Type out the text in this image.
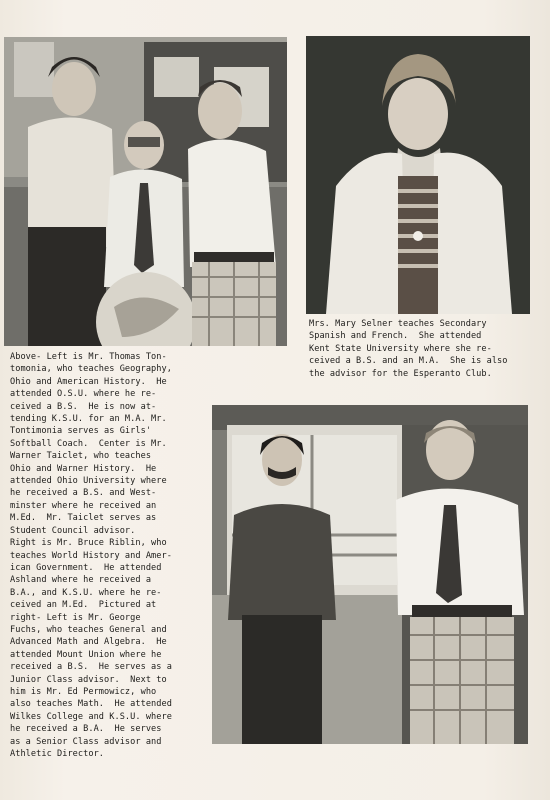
Above- Left is Mr. Thomas Ton-
tomonia, who teaches Geography,
Ohio and American History.  He
attended O.S.U. where he re-
ceived a B.S.  He is now at-
tending K.S.U. for an M.A. Mr.
Tontimonia serves as Girls'
Softball Coach.  Center is Mr.
Warner Taiclet, who teaches
Ohio and Warner History.  He
attended Ohio University where
he received a B.S. and West-
minster where he received an
M.Ed.  Mr. Taiclet serves as
Student Council advisor.
Right is Mr. Bruce Riblin, who
teaches World History and Amer-
ican Government.  He attended
Ashland where he received a
B.A., and K.S.U. where he re-
ceived an M.Ed.  Pictured at
right- Left is Mr. George
Fuchs, who teaches General and
Advanced Math and Algebra.  He
attended Mount Union where he
received a B.S.  He serves as a
Junior Class advisor.  Next to
him is Mr. Ed Permowicz, who
also teaches Math.  He attended
Wilkes College and K.S.U. where
he received a B.A.  He serves
as a Senior Class advisor and
Athletic Director.

Mrs. Mary Selner teaches Secondary
Spanish and French.  She attended
Kent State University where she re-
ceived a B.S. and an M.A.  She is also
the advisor for the Esperanto Club.
